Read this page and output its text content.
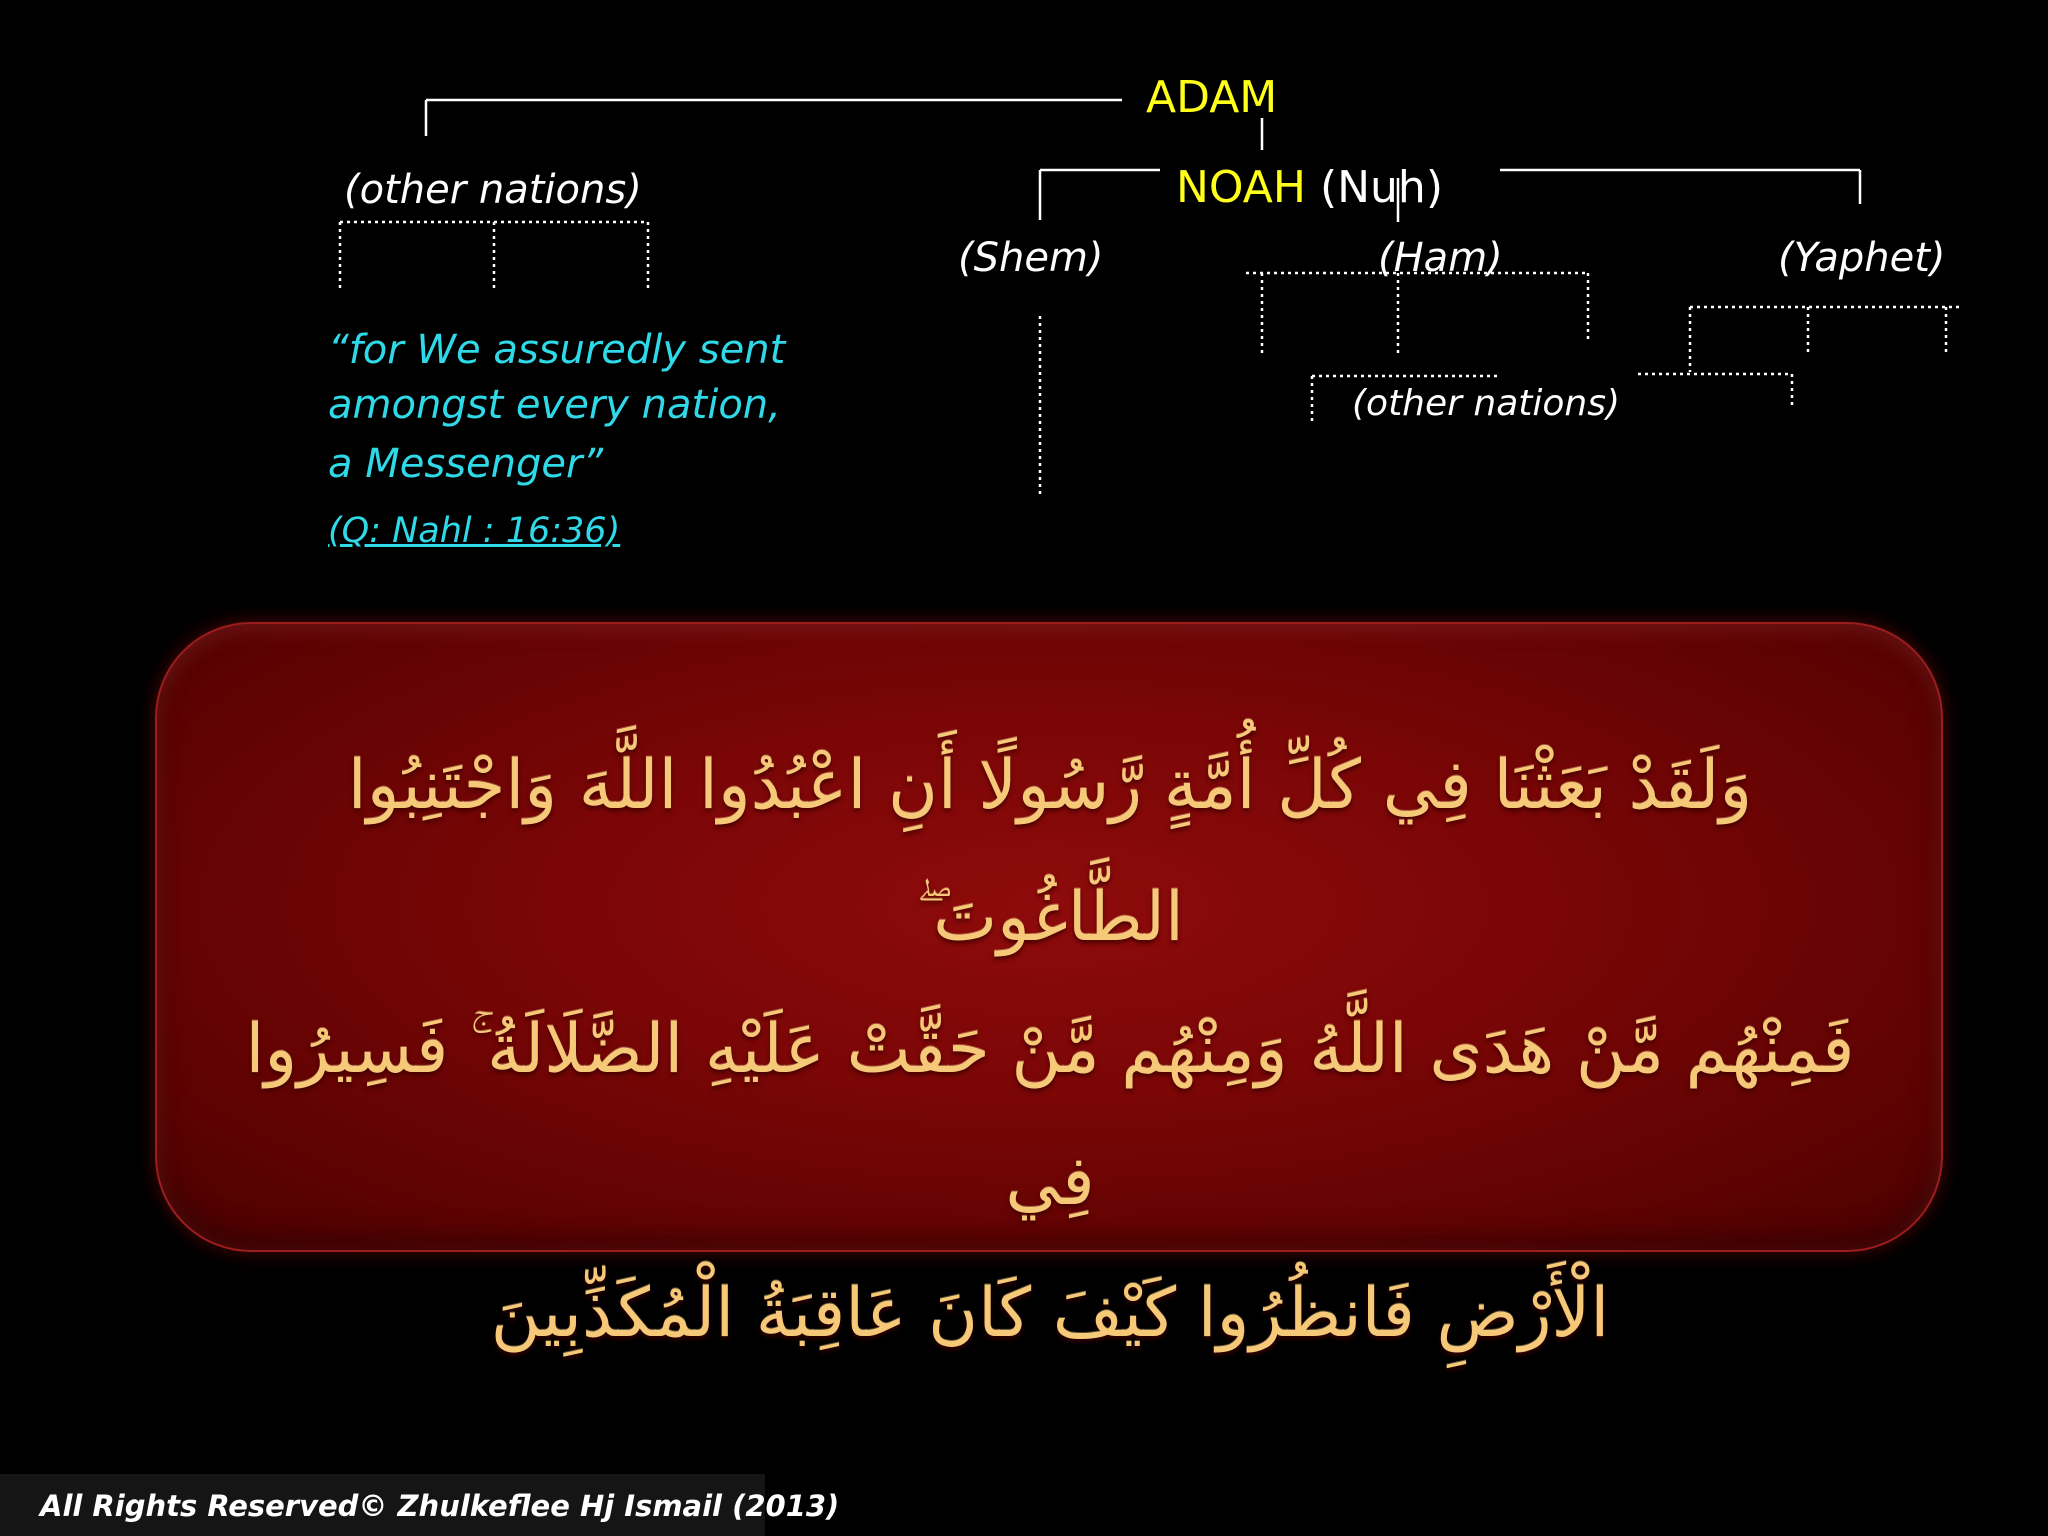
ADAM
NOAH (Nuh)
(other nations)
(Shem)	(Ham)	(Yaphet)
(other nations)
“for We assuredly sent
amongst every nation,
a Messenger”
(Q: Nahl : 16:36)
وَلَقَدْ بَعَثْنَا فِي كُلِّ أُمَّةٍ رَّسُولًا أَنِ اعْبُدُوا اللَّهَ وَاجْتَنِبُوا الطَّاغُوتَ ۖ
فَمِنْهُم مَّنْ هَدَى اللَّهُ وَمِنْهُم مَّنْ حَقَّتْ عَلَيْهِ الضَّلَالَةُ ۚ فَسِيرُوا فِي
الْأَرْضِ فَانظُرُوا كَيْفَ كَانَ عَاقِبَةُ الْمُكَذِّبِينَ
All Rights Reserved© Zhulkeflee Hj Ismail (2013)
